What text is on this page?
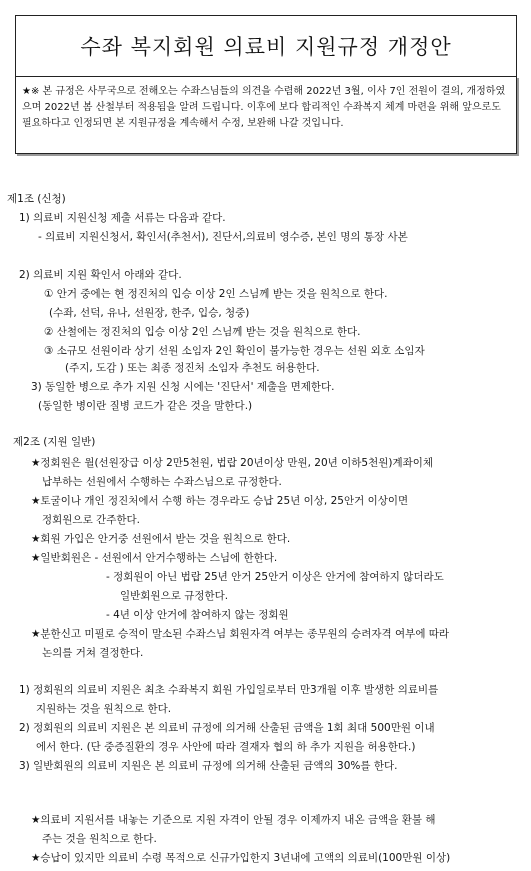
수좌 복지회원 의료비 지원규정 개정안
★※ 본 규정은 사무국으로 전해오는 수좌스님들의 의견을 수렴해 2022년 3월, 이사 7인 전원이 결의, 개정하였으며 2022년 봄 산철부터 적용됨을 알려 드립니다. 이후에 보다 합리적인 수좌복지 체계 마련을 위해 앞으로도 필요하다고 인정되면 본 지원규정을 계속해서 수정, 보완해 나갈 것입니다.
제1조 (신청)
1) 의료비 지원신청 제출 서류는 다음과 같다.
- 의료비 지원신청서, 확인서(추천서), 진단서,의료비 영수증, 본인 명의 통장 사본
2) 의료비 지원 확인서 아래와 같다.
① 안거 중에는 현 정진처의 입승 이상 2인 스님께 받는 것을 원칙으로 한다.
(수좌, 선덕, 유나, 선원장, 한주, 입승, 청중)
② 산철에는 정진처의 입승 이상 2인 스님께 받는 것을 원칙으로 한다.
③ 소규모 선원이라 상기 선원 소임자 2인 확인이 불가능한 경우는 선원 외호 소임자
(주지, 도감 ) 또는 최종 정진처 소임자 추천도 허용한다.
3) 동일한 병으로 추가 지원 신청 시에는 '진단서' 제출을 면제한다.
(동일한 병이란 질병 코드가 같은 것을 말한다.)
제2조 (지원 일반)
★정회원은 월(선원장급 이상 2만5천원, 법랍 20년이상 만원, 20년 이하5천원)계좌이체
납부하는 선원에서 수행하는 수좌스님으로 규정한다.
★토굴이나 개인 정진처에서 수행 하는 경우라도 승납 25년 이상, 25안거 이상이면
정회원으로 간주한다.
★회원 가입은 안거중 선원에서 받는 것을 원칙으로 한다.
★일반회원은 - 선원에서 안거수행하는 스님에 한한다.
- 정회원이 아닌 법랍 25년 안거 25안거 이상은 안거에 참여하지 않더라도
일반회원으로 규정한다.
- 4년 이상 안거에 참여하지 않는 정회원
★분한신고 미필로 승적이 말소된 수좌스님 회원자격 여부는 종무원의 승려자격 여부에 따라
논의를 거쳐 결정한다.
1) 정회원의 의료비 지원은 최초 수좌복지 회원 가입일로부터 만3개월 이후 발생한 의료비를
지원하는 것을 원칙으로 한다.
2) 정회원의 의료비 지원은 본 의료비 규정에 의거해 산출된 금액을 1회 최대 500만원 이내
에서 한다. (단 중증질환의 경우 사안에 따라 결재자 협의 하 추가 지원을 허용한다.)
3) 일반회원의 의료비 지원은 본 의료비 규정에 의거해 산출된 금액의 30%를 한다.
★의료비 지원서를 내놓는 기준으로 지원 자격이 안될 경우 이제까지 내온 금액을 환불 해
주는 것을 원칙으로 한다.
★승납이 있지만 의료비 수령 목적으로 신규가입한지 3년내에 고액의 의료비(100만원 이상)
